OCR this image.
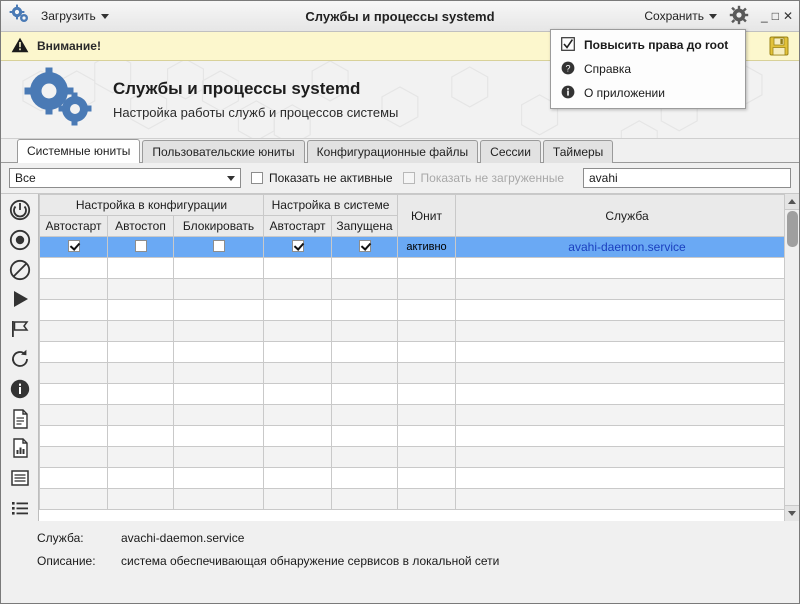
Загрузить	Службы и процессы systemd	Сохранить	_ □ ✕
Внимание!
Службы и процессы systemd
Настройка работы служб и процессов системы
Системные юниты	Пользовательские юниты	Конфигурационные файлы	Сессии	Таймеры
Все	Показать не активные Показать не загруженные avahi
Настройка в конфигурации			Настройка в системе		Юнит	Служба
Автостарт	Автостоп	Блокировать	Автостарт	Запущена		
					активно	avahi-daemon.service

Служба:	avachi-daemon.service
Описание:	система обеспечивающая обнаружение сервисов в локальной сети
Повысить права до root
? Справка
О приложении
